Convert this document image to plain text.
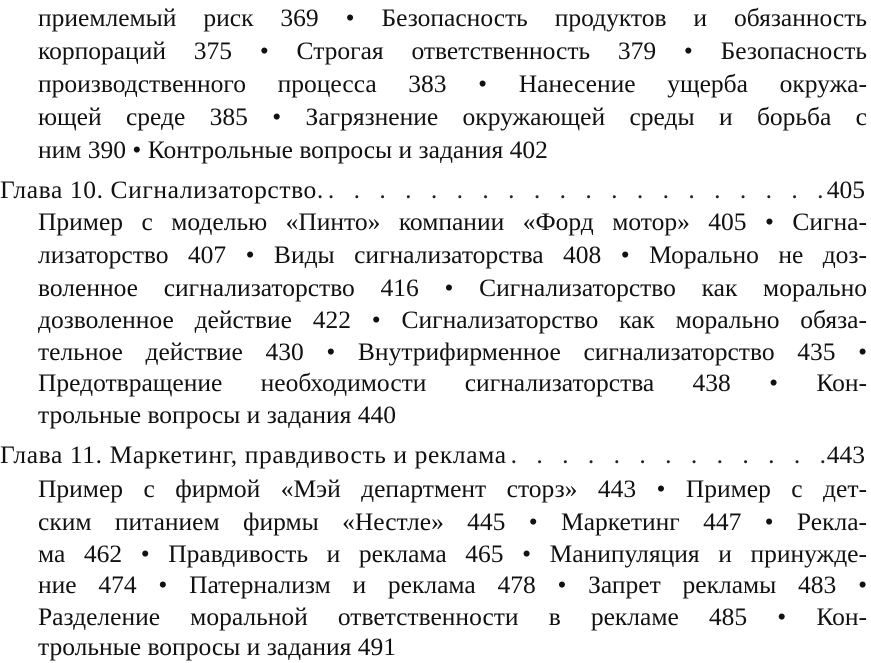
приемлемый риск 369 • Безопасность продуктов и обязанность
корпораций 375 • Строгая ответственность 379 • Безопасность
производственного процесса 383 • Нанесение ущерба окружа-
ющей среде 385 • Загрязнение окружающей среды и борьба с
ним 390 • Контрольные вопросы и задания 402
Глава 10. Сигнализаторство. . . .	405
Пример с моделью «Пинто» компании «Форд мотор» 405 • Сигна-
лизаторство 407 • Виды сигнализаторства 408 • Морально не доз-
воленное сигнализаторство 416 • Сигнализаторство как морально
дозволенное действие 422 • Сигнализаторство как морально обяза-
тельное действие 430 • Внутрифирменное сигнализаторство 435 •
Предотвращение необходимости сигнализаторства 438 • Кон-
трольные вопросы и задания 440
Глава 11. Маркетинг, правдивость и реклама . . .	443
Пример с фирмой «Мэй департмент сторз» 443 • Пример с дет-
ским питанием фирмы «Нестле» 445 • Маркетинг 447 • Рекла-
ма 462 • Правдивость и реклама 465 • Манипуляция и принужде-
ние 474 • Патернализм и реклама 478 • Запрет рекламы 483 •
Разделение моральной ответственности в рекламе 485 • Кон-
трольные вопросы и задания 491
